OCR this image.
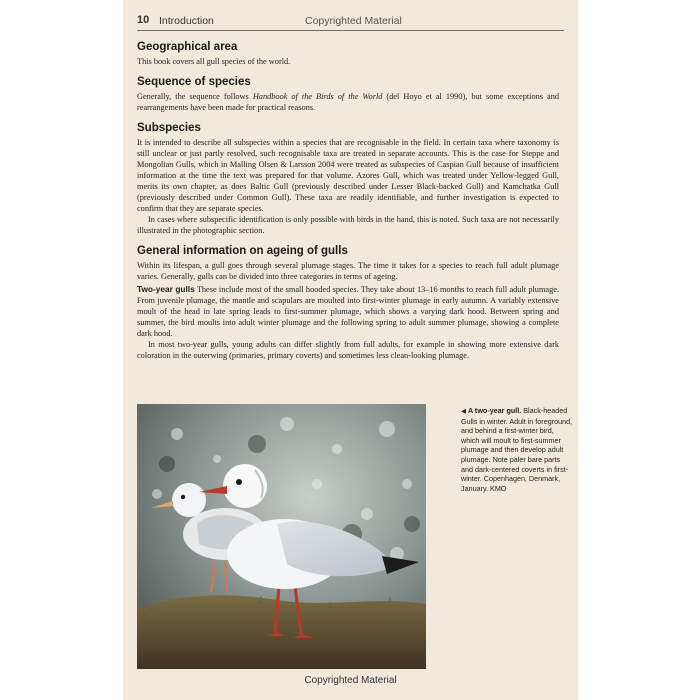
10 Introduction	Copyrighted Material
Geographical area

This book covers all gull species of the world.

Sequence of species

Generally, the sequence follows Handbook of the Birds of the World (del Hoyo et al 1990), but some exceptions and rearrangements have been made for practical reasons.

Subspecies

It is intended to describe all subspecies within a species that are recognisable in the field. In certain taxa where taxonomy is still unclear or just partly resolved, such recognisable taxa are treated in separate accounts. This is the case for Steppe and Mongolian Gulls, which in Malling Olsen & Larsson 2004 were treated as subspecies of Caspian Gull because of insufficient information at the time the text was prepared for that volume. Azores Gull, which was treated under Yellow-legged Gull, merits its own chapter, as does Baltic Gull (previously described under Lesser Black-backed Gull) and Kamchatka Gull (previously described under Common Gull). These taxa are readily identifiable, and further investigation is expected to confirm that they are separate species.

In cases where subspecific identification is only possible with birds in the hand, this is noted. Such taxa are not necessarily illustrated in the photographic section.

General information on ageing of gulls

Within its lifespan, a gull goes through several plumage stages. The time it takes for a species to reach full adult plumage varies. Generally, gulls can be divided into three categories in terms of ageing.

Two-year gulls These include most of the small hooded species. They take about 13–16 months to reach full adult plumage. From juvenile plumage, the mantle and scapulars are moulted into first-winter plumage in early autumn. A variably extensive moult of the head in late spring leads to first-summer plumage, which shows a varying dark hood. Between spring and summer, the bird moults into adult winter plumage and the following spring to adult summer plumage, showing a complete dark hood.

In most two-year gulls, young adults can differ slightly from full adults, for example in showing more extensive dark coloration in the outerwing (primaries, primary coverts) and sometimes less clean-looking plumage.

◀ A two-year gull. Black-headed Gulls in winter. Adult in foreground, and behind a first-winter bird, which will moult to first-summer plumage and then develop adult plumage. Note paler bare parts and dark-centered coverts in first-winter. Copenhagen, Denmark, January. KMO
Copyrighted Material
